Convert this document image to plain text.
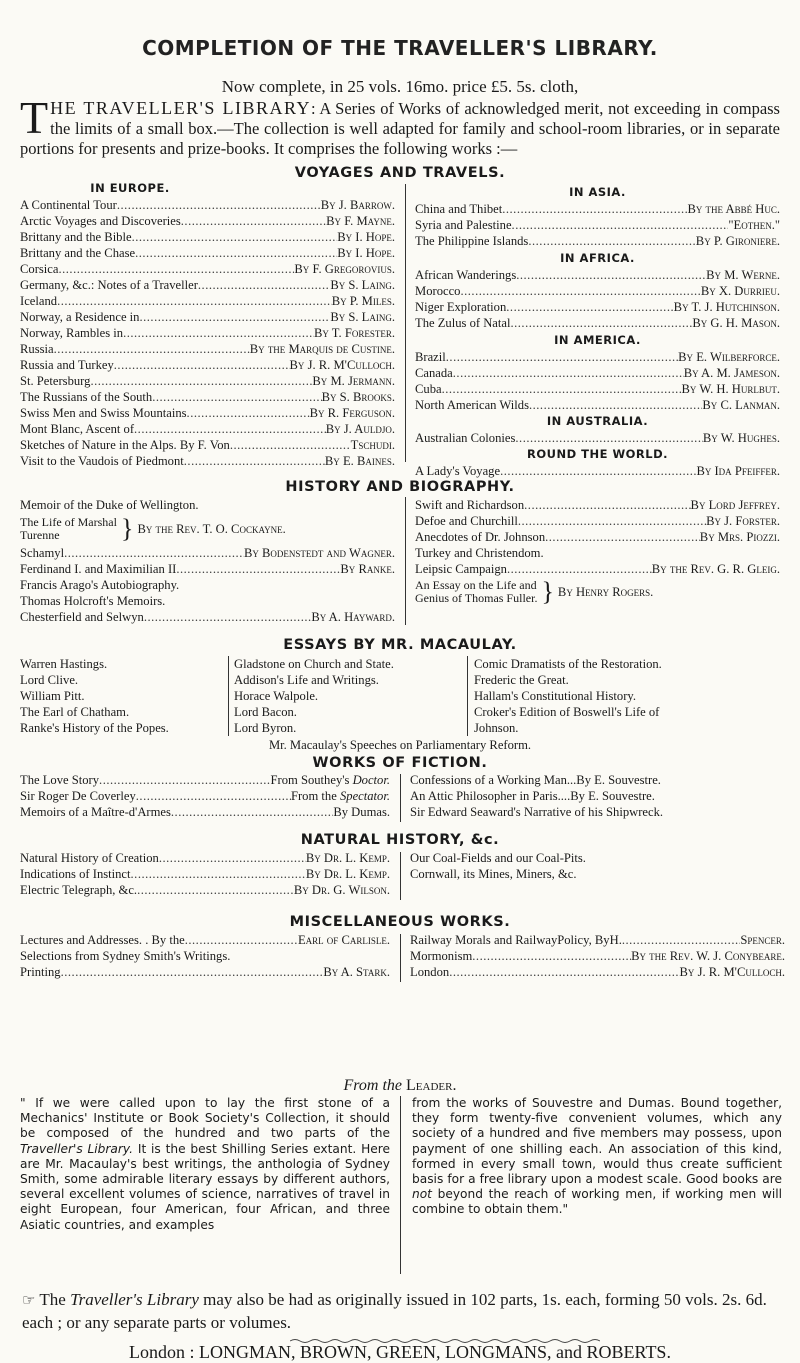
COMPLETION OF THE TRAVELLER'S LIBRARY.
Now complete, in 25 vols. 16mo. price £5. 5s. cloth,
THE TRAVELLER'S LIBRARY: A Series of Works of acknowledged merit, not exceeding in compass the limits of a small box.—The collection is well adapted for family and school-room libraries, or in separate portions for presents and prize-books. It comprises the following works :—
VOYAGES AND TRAVELS.
IN EUROPE.
A Continental Tour .....	By J. Barrow.
Arctic Voyages and Discoveries .....	By F. Mayne.
Brittany and the Bible .....	By I. Hope.
Brittany and the Chase .....	By I. Hope.
Corsica .....	By F. Gregorovius.
Germany, &c.: Notes of a Traveller .....	By S. Laing.
Iceland .....	By P. Miles.
Norway, a Residence in .....	By S. Laing.
Norway, Rambles in .....	By T. Forester.
Russia .....	By the Marquis de Custine.
Russia and Turkey .....	By J. R. M'Culloch.
St. Petersburg .....	By M. Jermann.
The Russians of the South .....	By S. Brooks.
Swiss Men and Swiss Mountains .....	By R. Ferguson.
Mont Blanc, Ascent of .....	By J. Auldjo.
Sketches of Nature in the Alps. By F. Von .....	Tschudi.
Visit to the Vaudois of Piedmont .....	By E. Baines.
IN ASIA.
China and Thibet .....	By the Abbé Huc.
Syria and Palestine .....	"Eothen."
The Philippine Islands .....	By P. Gironiere.
IN AFRICA.
African Wanderings .....	By M. Werne.
Morocco .....	By X. Durrieu.
Niger Exploration .....	By T. J. Hutchinson.
The Zulus of Natal .....	By G. H. Mason.
IN AMERICA.
Brazil .....	By E. Wilberforce.
Canada .....	By A. M. Jameson.
Cuba .....	By W. H. Hurlbut.
North American Wilds .....	By C. Lanman.
IN AUSTRALIA.
Australian Colonies .....	By W. Hughes.
ROUND THE WORLD.
A Lady's Voyage .....	By Ida Pfeiffer.
HISTORY AND BIOGRAPHY.
Memoir of the Duke of Wellington.
The Life of Marshal
Turenne	} By the Rev. T. O. Cockayne.
Schamyl .....	By Bodenstedt and Wagner.
Ferdinand I. and Maximilian II .....	By Ranke.
Francis Arago's Autobiography.
Thomas Holcroft's Memoirs.
Chesterfield and Selwyn .....	By A. Hayward.
Swift and Richardson .....	By Lord Jeffrey.
Defoe and Churchill .....	By J. Forster.
Anecdotes of Dr. Johnson .....	By Mrs. Piozzi.
Turkey and Christendom.
Leipsic Campaign .....	By the Rev. G. R. Gleig.
An Essay on the Life and
Genius of Thomas Fuller. } By Henry Rogers.
ESSAYS BY MR. MACAULAY.
Warren Hastings.
Lord Clive.
William Pitt.
The Earl of Chatham.
Ranke's History of the Popes.
Gladstone on Church and State.
Addison's Life and Writings.
Horace Walpole.
Lord Bacon.
Lord Byron.
Comic Dramatists of the Restoration.
Frederic the Great.
Hallam's Constitutional History.
Croker's Edition of Boswell's Life of
Johnson.
Mr. Macaulay's Speeches on Parliamentary Reform.
WORKS OF FICTION.
The Love Story .....	From Southey's Doctor.
Sir Roger De Coverley .....	From the Spectator.
Memoirs of a Maître-d'Armes .....	By Dumas.
Confessions of a Working Man...By E. Souvestre.
An Attic Philosopher in Paris....By E. Souvestre.
Sir Edward Seaward's Narrative of his Shipwreck.
NATURAL HISTORY, &c.
Natural History of Creation .....	By Dr. L. Kemp.
Indications of Instinct .....	By Dr. L. Kemp.
Electric Telegraph, &c. .....	By Dr. G. Wilson.
Our Coal-Fields and our Coal-Pits.
Cornwall, its Mines, Miners, &c.
MISCELLANEOUS WORKS.
Lectures and Addresses. . By the .....	Earl of Carlisle.
Selections from Sydney Smith's Writings.
Printing .....	By A. Stark.
Railway Morals and RailwayPolicy, ByH. .....	Spencer.
Mormonism .....	By the Rev. W. J. Conybeare.
London .....	By J. R. M'Culloch.
From the Leader.
" If we were called upon to lay the first stone of a Mechanics' Institute or Book Society's Collection, it should be composed of the hundred and two parts of the Traveller's Library. It is the best Shilling Series extant. Here are Mr. Macaulay's best writings, the anthologia of Sydney Smith, some admirable literary essays by different authors, several excellent volumes of science, narratives of travel in eight European, four American, four African, and three Asiatic countries, and examples
from the works of Souvestre and Dumas. Bound together, they form twenty-five convenient volumes, which any society of a hundred and five members may possess, upon payment of one shilling each. An association of this kind, formed in every small town, would thus create sufficient basis for a free library upon a modest scale. Good books are not beyond the reach of working men, if working men will combine to obtain them."
☞ The Traveller's Library may also be had as originally issued in 102 parts, 1s. each, forming 50 vols. 2s. 6d. each ; or any separate parts or volumes.
London : LONGMAN, BROWN, GREEN, LONGMANS, and ROBERTS.
